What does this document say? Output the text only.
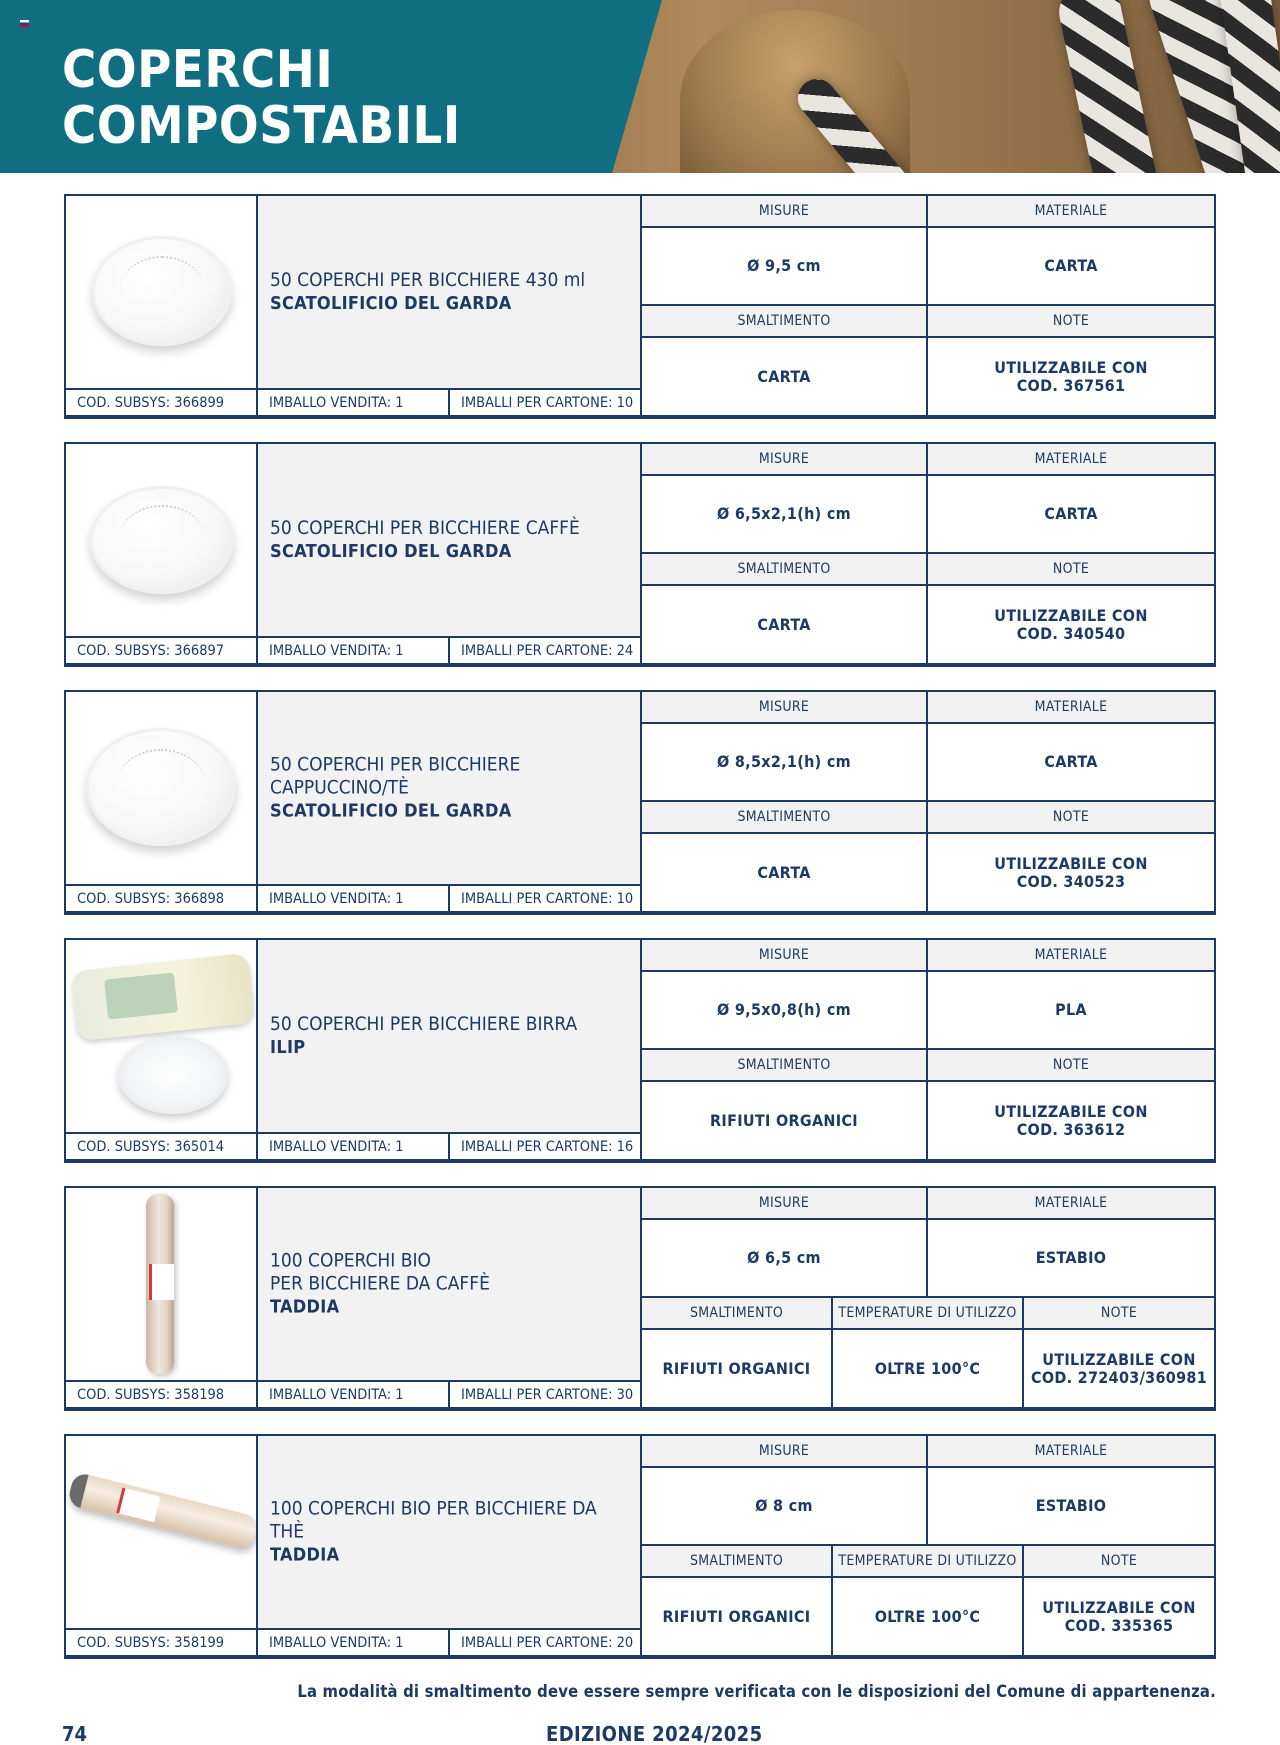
COPERCHI
COMPOSTABILI
50 COPERCHI PER BICCHIERE 430 ml
SCATOLIFICIO DEL GARDA
COD. SUBSYS: 366899	IMBALLO VENDITA: 1	IMBALLI PER CARTONE: 10
MISURE	MATERIALE
Ø 9,5 cm	CARTA
SMALTIMENTO	NOTE
CARTA	UTILIZZABILE CON
COD. 367561
50 COPERCHI PER BICCHIERE CAFFÈ
SCATOLIFICIO DEL GARDA
COD. SUBSYS: 366897	IMBALLO VENDITA: 1	IMBALLI PER CARTONE: 24
MISURE	MATERIALE
Ø 6,5x2,1(h) cm	CARTA
SMALTIMENTO	NOTE
CARTA	UTILIZZABILE CON
COD. 340540
50 COPERCHI PER BICCHIERE
CAPPUCCINO/TÈ
SCATOLIFICIO DEL GARDA
COD. SUBSYS: 366898	IMBALLO VENDITA: 1	IMBALLI PER CARTONE: 10
MISURE	MATERIALE
Ø 8,5x2,1(h) cm	CARTA
SMALTIMENTO	NOTE
CARTA	UTILIZZABILE CON
COD. 340523
50 COPERCHI PER BICCHIERE BIRRA
ILIP
COD. SUBSYS: 365014	IMBALLO VENDITA: 1	IMBALLI PER CARTONE: 16
MISURE	MATERIALE
Ø 9,5x0,8(h) cm	PLA
SMALTIMENTO	NOTE
RIFIUTI ORGANICI	UTILIZZABILE CON
COD. 363612
100 COPERCHI BIO
PER BICCHIERE DA CAFFÈ
TADDIA
COD. SUBSYS: 358198	IMBALLO VENDITA: 1	IMBALLI PER CARTONE: 30
MISURE	MATERIALE
Ø 6,5 cm	ESTABIO
SMALTIMENTO	TEMPERATURE DI UTILIZZO	NOTE
RIFIUTI ORGANICI	OLTRE 100°C	UTILIZZABILE CON
COD. 272403/360981
100 COPERCHI BIO PER BICCHIERE DA THÈ
TADDIA
COD. SUBSYS: 358199	IMBALLO VENDITA: 1	IMBALLI PER CARTONE: 20
MISURE	MATERIALE
Ø 8 cm	ESTABIO
SMALTIMENTO	TEMPERATURE DI UTILIZZO	NOTE
RIFIUTI ORGANICI	OLTRE 100°C	UTILIZZABILE CON
COD. 335365
La modalità di smaltimento deve essere sempre verificata con le disposizioni del Comune di appartenenza.
74	EDIZIONE 2024/2025
